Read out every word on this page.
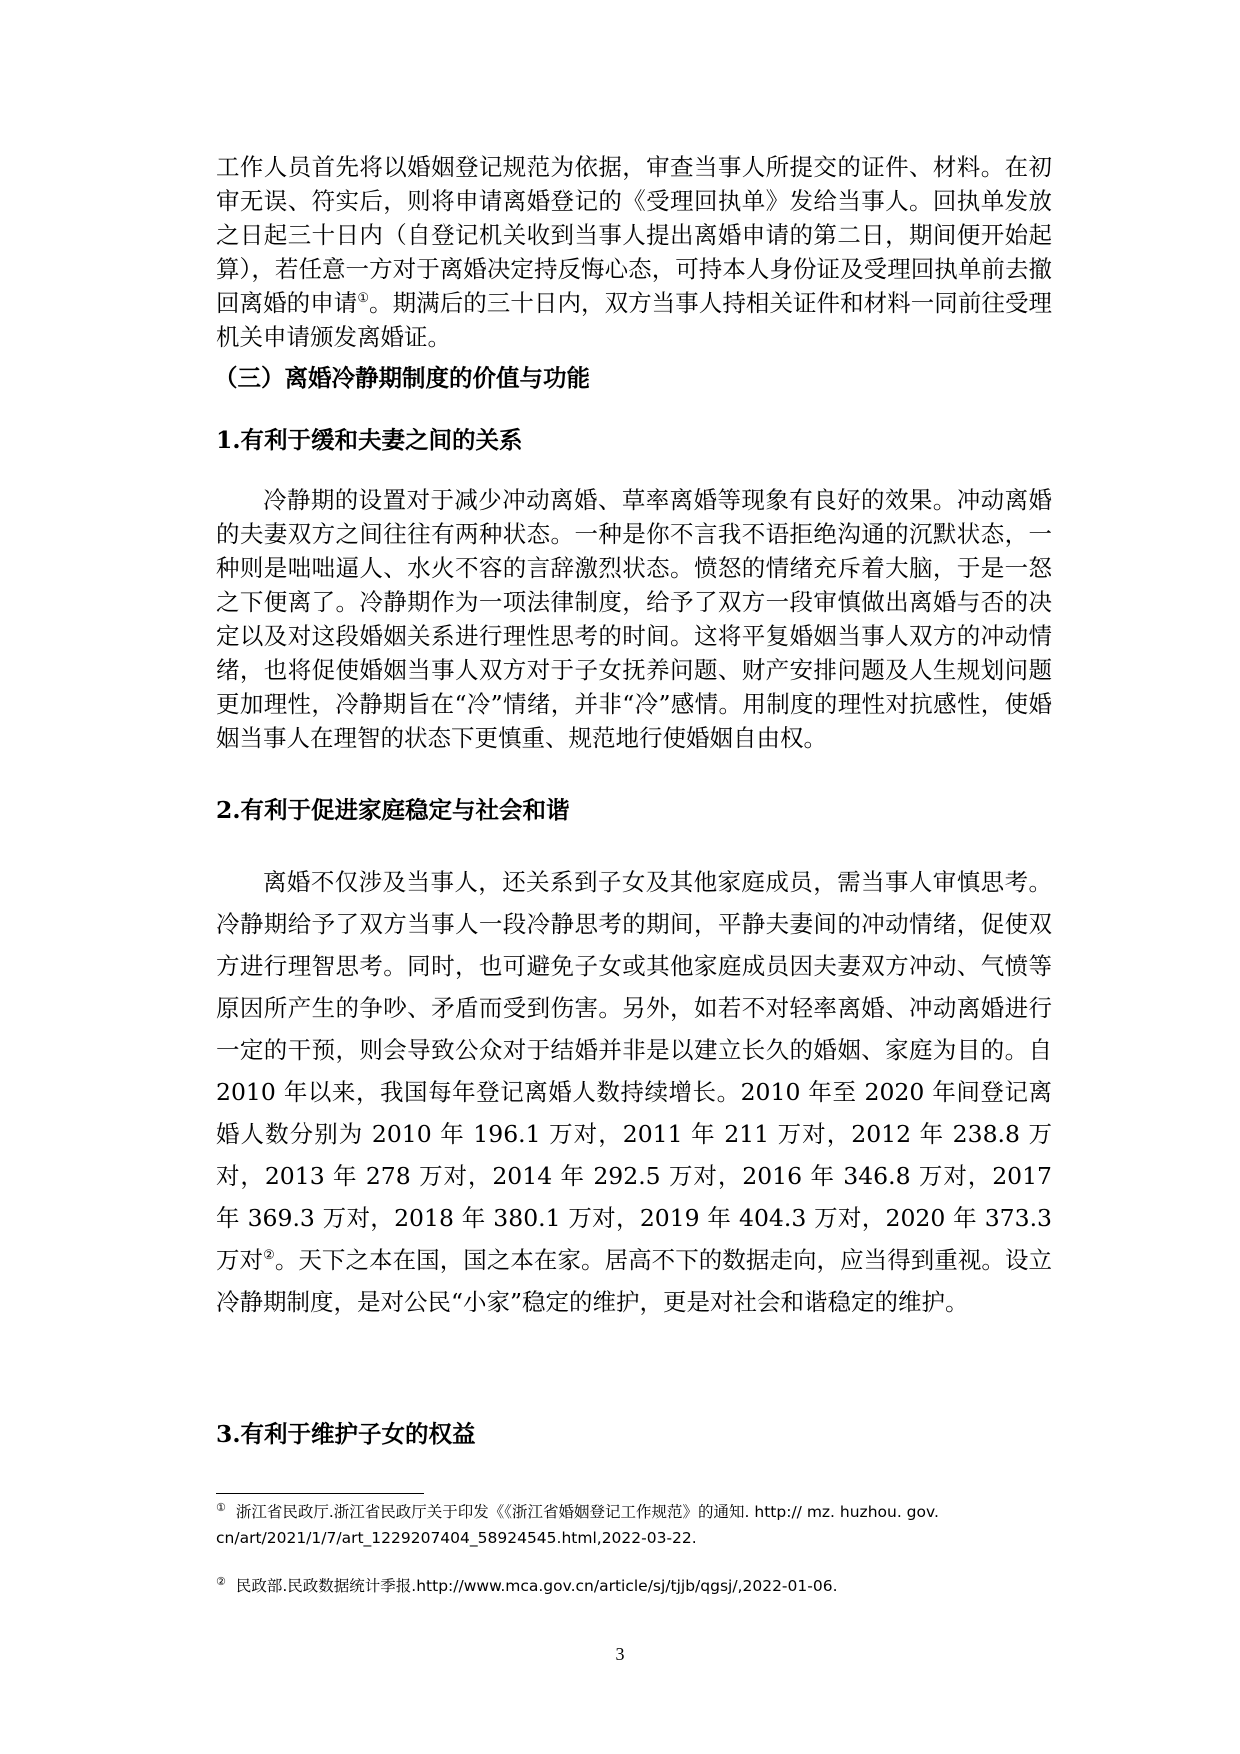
工作人员首先将以婚姻登记规范为依据，审查当事人所提交的证件、材料。在初审无误、符实后，则将申请离婚登记的《受理回执单》发给当事人。回执单发放之日起三十日内（自登记机关收到当事人提出离婚申请的第二日，期间便开始起算），若任意一方对于离婚决定持反悔心态，可持本人身份证及受理回执单前去撤回离婚的申请①。期满后的三十日内，双方当事人持相关证件和材料一同前往受理机关申请颁发离婚证。

（三）离婚冷静期制度的价值与功能
1.有利于缓和夫妻之间的关系

冷静期的设置对于减少冲动离婚、草率离婚等现象有良好的效果。冲动离婚的夫妻双方之间往往有两种状态。一种是你不言我不语拒绝沟通的沉默状态，一种则是咄咄逼人、水火不容的言辞激烈状态。愤怒的情绪充斥着大脑，于是一怒之下便离了。冷静期作为一项法律制度，给予了双方一段审慎做出离婚与否的决定以及对这段婚姻关系进行理性思考的时间。这将平复婚姻当事人双方的冲动情绪，也将促使婚姻当事人双方对于子女抚养问题、财产安排问题及人生规划问题更加理性，冷静期旨在“冷”情绪，并非“冷”感情。用制度的理性对抗感性，使婚姻当事人在理智的状态下更慎重、规范地行使婚姻自由权。

2.有利于促进家庭稳定与社会和谐

离婚不仅涉及当事人，还关系到子女及其他家庭成员，需当事人审慎思考。冷静期给予了双方当事人一段冷静思考的期间，平静夫妻间的冲动情绪，促使双方进行理智思考。同时，也可避免子女或其他家庭成员因夫妻双方冲动、气愤等原因所产生的争吵、矛盾而受到伤害。另外，如若不对轻率离婚、冲动离婚进行一定的干预，则会导致公众对于结婚并非是以建立长久的婚姻、家庭为目的。自 2010 年以来，我国每年登记离婚人数持续增长。2010 年至 2020 年间登记离婚人数分别为 2010 年 196.1 万对，2011 年 211 万对，2012 年 238.8 万对，2013 年 278 万对，2014 年 292.5 万对，2016 年 346.8 万对，2017 年 369.3 万对，2018 年 380.1 万对，2019 年 404.3 万对，2020 年 373.3 万对②。天下之本在国，国之本在家。居高不下的数据走向，应当得到重视。设立冷静期制度，是对公民“小家”稳定的维护，更是对社会和谐稳定的维护。

3.有利于维护子女的权益

① 浙江省民政厅.浙江省民政厅关于印发《《浙江省婚姻登记工作规范》的通知. http:// mz. huzhou. gov. cn/art/2021/1/7/art_1229207404_58924545.html,2022-03-22.

② 民政部.民政数据统计季报.http://www.mca.gov.cn/article/sj/tjjb/qgsj/,2022-01-06.

3
